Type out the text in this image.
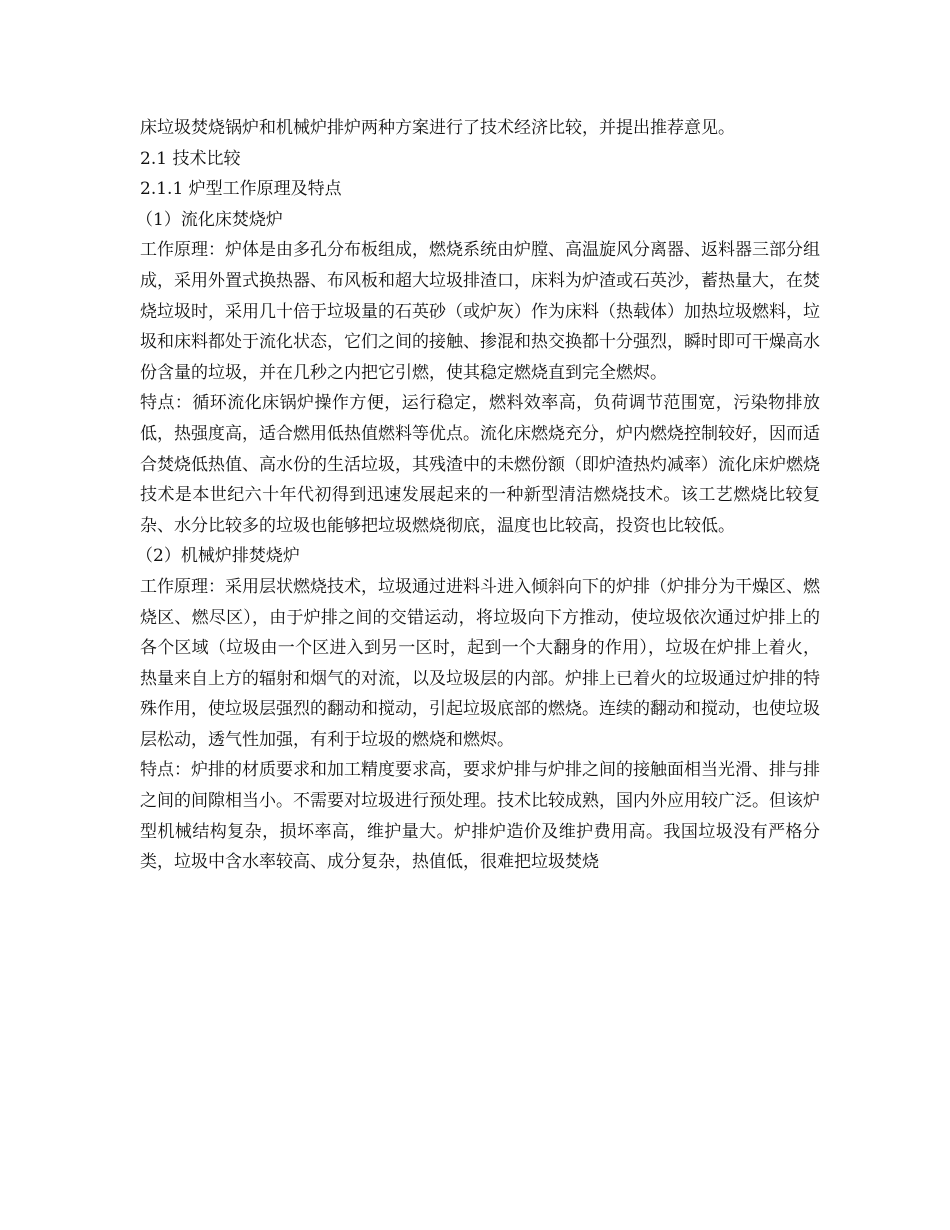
床垃圾焚烧锅炉和机械炉排炉两种方案进行了技术经济比较，并提出推荐意见。

2.1 技术比较

2.1.1 炉型工作原理及特点

（1）流化床焚烧炉

工作原理：炉体是由多孔分布板组成，燃烧系统由炉膛、高温旋风分离器、返料器三部分组成，采用外置式换热器、布风板和超大垃圾排渣口，床料为炉渣或石英沙，蓄热量大，在焚烧垃圾时，采用几十倍于垃圾量的石英砂（或炉灰）作为床料（热载体）加热垃圾燃料，垃圾和床料都处于流化状态，它们之间的接触、掺混和热交换都十分强烈，瞬时即可干燥高水份含量的垃圾，并在几秒之内把它引燃，使其稳定燃烧直到完全燃烬。

特点：循环流化床锅炉操作方便，运行稳定，燃料效率高，负荷调节范围宽，污染物排放低，热强度高，适合燃用低热值燃料等优点。流化床燃烧充分，炉内燃烧控制较好，因而适合焚烧低热值、高水份的生活垃圾，其残渣中的未燃份额（即炉渣热灼减率）流化床炉燃烧技术是本世纪六十年代初得到迅速发展起来的一种新型清洁燃烧技术。该工艺燃烧比较复杂、水分比较多的垃圾也能够把垃圾燃烧彻底，温度也比较高，投资也比较低。

（2）机械炉排焚烧炉

工作原理：采用层状燃烧技术，垃圾通过进料斗进入倾斜向下的炉排（炉排分为干燥区、燃烧区、燃尽区），由于炉排之间的交错运动，将垃圾向下方推动，使垃圾依次通过炉排上的各个区域（垃圾由一个区进入到另一区时，起到一个大翻身的作用），垃圾在炉排上着火，热量来自上方的辐射和烟气的对流，以及垃圾层的内部。炉排上已着火的垃圾通过炉排的特殊作用，使垃圾层强烈的翻动和搅动，引起垃圾底部的燃烧。连续的翻动和搅动，也使垃圾层松动，透气性加强，有利于垃圾的燃烧和燃烬。

特点：炉排的材质要求和加工精度要求高，要求炉排与炉排之间的接触面相当光滑、排与排之间的间隙相当小。不需要对垃圾进行预处理。技术比较成熟，国内外应用较广泛。但该炉型机械结构复杂，损坏率高，维护量大。炉排炉造价及维护费用高。我国垃圾没有严格分类，垃圾中含水率较高、成分复杂，热值低，很难把垃圾焚烧
